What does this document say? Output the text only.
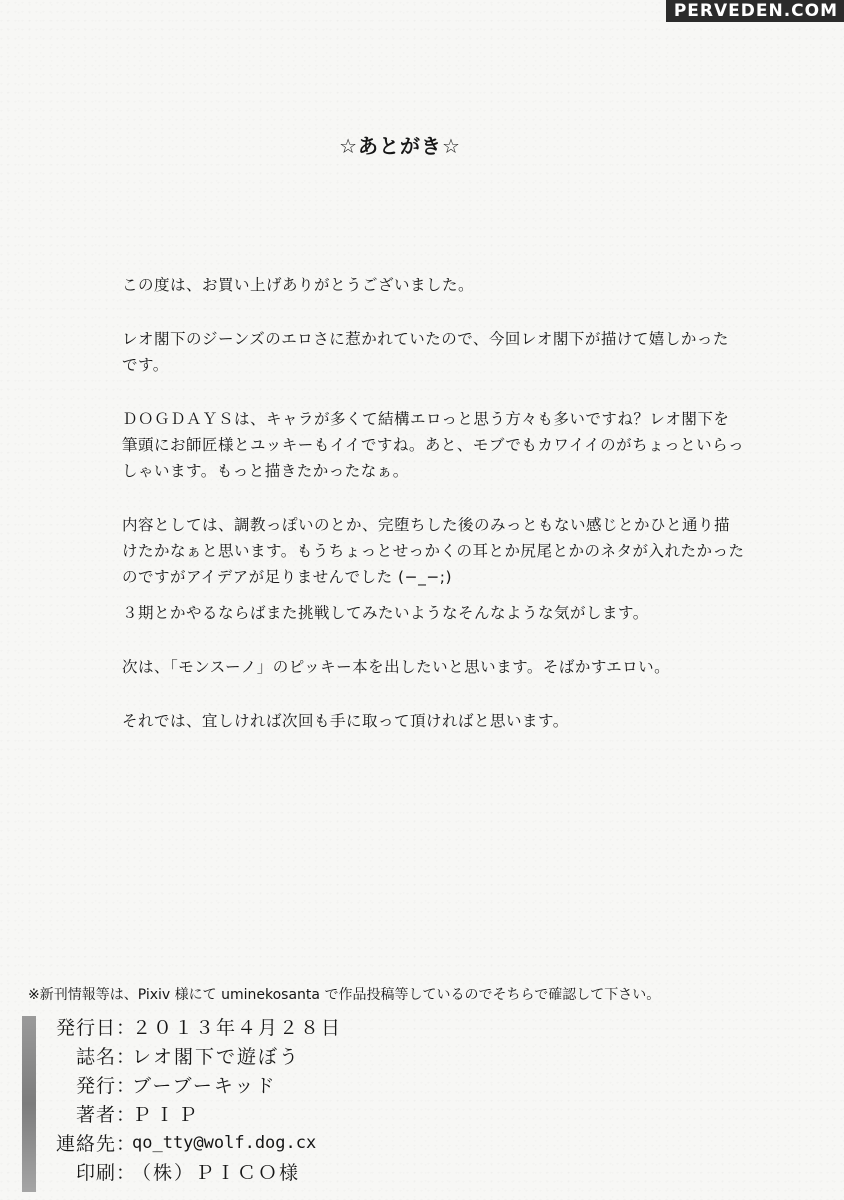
PERVEDEN.COM
☆あとがき☆

この度は、お買い上げありがとうございました。

レオ閣下のジーンズのエロさに惹かれていたので、今回レオ閣下が描けて嬉しかった
です。

ＤＯＧＤＡＹＳは、キャラが多くて結構エロっと思う方々も多いですね？レオ閣下を
筆頭にお師匠様とユッキーもイイですね。あと、モブでもカワイイのがちょっといらっ
しゃいます。もっと描きたかったなぁ。

内容としては、調教っぽいのとか、完堕ちした後のみっともない感じとかひと通り描
けたかなぁと思います。もうちょっとせっかくの耳とか尻尾とかのネタが入れたかった
のですがアイデアが足りませんでした (−_−;)

３期とかやるならばまた挑戦してみたいようなそんなような気がします。

次は、「モンスーノ」のピッキー本を出したいと思います。そばかすエロい。

それでは、宜しければ次回も手に取って頂ければと思います。

※新刊情報等は、Pixiv 様にて uminekosanta で作品投稿等しているのでそちらで確認して下さい。
発行日 ：
２０１３年４月２８日
誌名 ：
レオ閣下で遊ぼう
発行 ：
ブーブーキッド
著者 ：
ＰＩＰ
連絡先 ：
qo_tty@wolf.dog.cx
印刷 ：
（株）ＰＩＣＯ様
